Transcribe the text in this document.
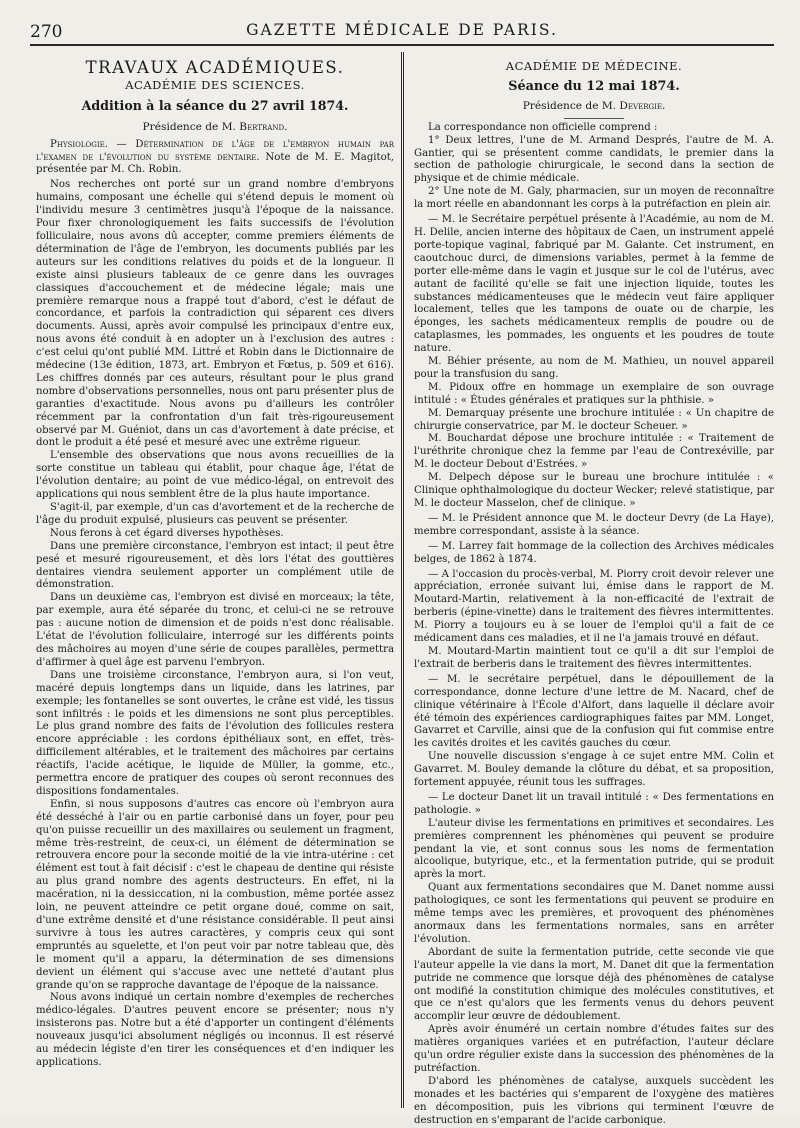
270	GAZETTE MÉDICALE DE PARIS.
TRAVAUX ACADÉMIQUES.
ACADÉMIE DES SCIENCES.
Addition à la séance du 27 avril 1874.
Présidence de M. Bertrand.

Physiologie. — Détermination de l'âge de l'embryon humain par l'examen de l'évolution du système dentaire. Note de M. E. Magitot, présentée par M. Ch. Robin.

Nos recherches ont porté sur un grand nombre d'embryons humains, composant une échelle qui s'étend depuis le moment où l'individu mesure 3 centimètres jusqu'à l'époque de la naissance. Pour fixer chronologiquement les faits successifs de l'évolution folliculaire, nous avons dû accepter, comme premiers éléments de détermination de l'âge de l'embryon, les documents publiés par les auteurs sur les conditions relatives du poids et de la longueur. Il existe ainsi plusieurs tableaux de ce genre dans les ouvrages classiques d'accouchement et de médecine légale; mais une première remarque nous a frappé tout d'abord, c'est le défaut de concordance, et parfois la contradiction qui séparent ces divers documents. Aussi, après avoir compulsé les principaux d'entre eux, nous avons été conduit à en adopter un à l'exclusion des autres : c'est celui qu'ont publié MM. Littré et Robin dans le Dictionnaire de médecine (13e édition, 1873, art. Embryon et Fœtus, p. 509 et 616). Les chiffres donnés par ces auteurs, résultant pour le plus grand nombre d'observations personnelles, nous ont paru présenter plus de garanties d'exactitude. Nous avons pu d'ailleurs les contrôler récemment par la confrontation d'un fait très-rigoureusement observé par M. Guéniot, dans un cas d'avortement à date précise, et dont le produit a été pesé et mesuré avec une extrême rigueur.

L'ensemble des observations que nous avons recueillies de la sorte constitue un tableau qui établit, pour chaque âge, l'état de l'évolution dentaire; au point de vue médico-légal, on entrevoit des applications qui nous semblent être de la plus haute importance.

S'agit-il, par exemple, d'un cas d'avortement et de la recherche de l'âge du produit expulsé, plusieurs cas peuvent se présenter.

Nous ferons à cet égard diverses hypothèses.

Dans une première circonstance, l'embryon est intact; il peut être pesé et mesuré rigoureusement, et dès lors l'état des gouttières dentaires viendra seulement apporter un complément utile de démonstration.

Dans un deuxième cas, l'embryon est divisé en morceaux; la tête, par exemple, aura été séparée du tronc, et celui-ci ne se retrouve pas : aucune notion de dimension et de poids n'est donc réalisable. L'état de l'évolution folliculaire, interrogé sur les différents points des mâchoires au moyen d'une série de coupes parallèles, permettra d'affirmer à quel âge est parvenu l'embryon.

Dans une troisième circonstance, l'embryon aura, si l'on veut, macéré depuis longtemps dans un liquide, dans les latrines, par exemple; les fontanelles se sont ouvertes, le crâne est vidé, les tissus sont infiltrés : le poids et les dimensions ne sont plus perceptibles. Le plus grand nombre des faits de l'évolution des follicules restera encore appréciable : les cordons épithéliaux sont, en effet, très-difficilement altérables, et le traitement des mâchoires par certains réactifs, l'acide acétique, le liquide de Müller, la gomme, etc., permettra encore de pratiquer des coupes où seront reconnues des dispositions fondamentales.

Enfin, si nous supposons d'autres cas encore où l'embryon aura été desséché à l'air ou en partie carbonisé dans un foyer, pour peu qu'on puisse recueillir un des maxillaires ou seulement un fragment, même très-restreint, de ceux-ci, un élément de détermination se retrouvera encore pour la seconde moitié de la vie intra-utérine : cet élément est tout à fait décisif : c'est le chapeau de dentine qui résiste au plus grand nombre des agents destructeurs. En effet, ni la macération, ni la dessiccation, ni la combustion, même portée assez loin, ne peuvent atteindre ce petit organe doué, comme on sait, d'une extrême densité et d'une résistance considérable. Il peut ainsi survivre à tous les autres caractères, y compris ceux qui sont empruntés au squelette, et l'on peut voir par notre tableau que, dès le moment qu'il a apparu, la détermination de ses dimensions devient un élément qui s'accuse avec une netteté d'autant plus grande qu'on se rapproche davantage de l'époque de la naissance.

Nous avons indiqué un certain nombre d'exemples de recherches médico-légales. D'autres peuvent encore se présenter; nous n'y insisterons pas. Notre but a été d'apporter un contingent d'éléments nouveaux jusqu'ici absolument négligés ou inconnus. Il est réservé au médecin légiste d'en tirer les conséquences et d'en indiquer les applications.

ACADÉMIE DE MÉDECINE.
Séance du 12 mai 1874.
Présidence de M. Devergie.

La correspondance non officielle comprend :

1° Deux lettres, l'une de M. Armand Després, l'autre de M. A. Gantier, qui se présentent comme candidats, le premier dans la section de pathologie chirurgicale, le second dans la section de physique et de chimie médicale.

2° Une note de M. Galy, pharmacien, sur un moyen de reconnaître la mort réelle en abandonnant les corps à la putréfaction en plein air.

— M. le Secrétaire perpétuel présente à l'Académie, au nom de M. H. Delile, ancien interne des hôpitaux de Caen, un instrument appelé porte-topique vaginal, fabriqué par M. Galante. Cet instrument, en caoutchouc durci, de dimensions variables, permet à la femme de porter elle-même dans le vagin et jusque sur le col de l'utérus, avec autant de facilité qu'elle se fait une injection liquide, toutes les substances médicamenteuses que le médecin veut faire appliquer localement, telles que les tampons de ouate ou de charpie, les éponges, les sachets médicamenteux remplis de poudre ou de cataplasmes, les pommades, les onguents et les poudres de toute nature.

M. Béhier présente, au nom de M. Mathieu, un nouvel appareil pour la transfusion du sang.

M. Pidoux offre en hommage un exemplaire de son ouvrage intitulé : « Études générales et pratiques sur la phthisie. »

M. Demarquay présente une brochure intitulée : « Un chapitre de chirurgie conservatrice, par M. le docteur Scheuer. »

M. Bouchardat dépose une brochure intitulée : « Traitement de l'uréthrite chronique chez la femme par l'eau de Contrexéville, par M. le docteur Debout d'Estrées. »

M. Delpech dépose sur le bureau une brochure intitulée : « Clinique ophthalmologique du docteur Wecker; relevé statistique, par M. le docteur Masselon, chef de clinique. »

— M. le Président annonce que M. le docteur Devry (de La Haye), membre correspondant, assiste à la séance.

— M. Larrey fait hommage de la collection des Archives médicales belges, de 1862 à 1874.

— A l'occasion du procès-verbal, M. Piorry croit devoir relever une appréciation, erronée suivant lui, émise dans le rapport de M. Moutard-Martin, relativement à la non-efficacité de l'extrait de berberis (épine-vinette) dans le traitement des fièvres intermittentes. M. Piorry a toujours eu à se louer de l'emploi qu'il a fait de ce médicament dans ces maladies, et il ne l'a jamais trouvé en défaut.

M. Moutard-Martin maintient tout ce qu'il a dit sur l'emploi de l'extrait de berberis dans le traitement des fièvres intermittentes.

— M. le secrétaire perpétuel, dans le dépouillement de la correspondance, donne lecture d'une lettre de M. Nacard, chef de clinique vétérinaire à l'École d'Alfort, dans laquelle il déclare avoir été témoin des expériences cardiographiques faites par MM. Longet, Gavarret et Carville, ainsi que de la confusion qui fut commise entre les cavités droites et les cavités gauches du cœur.

Une nouvelle discussion s'engage à ce sujet entre MM. Colin et Gavarret. M. Bouley demande la clôture du débat, et sa proposition, fortement appuyée, réunit tous les suffrages.

— Le docteur Danet lit un travail intitulé : « Des fermentations en pathologie. »

L'auteur divise les fermentations en primitives et secondaires. Les premières comprennent les phénomènes qui peuvent se produire pendant la vie, et sont connus sous les noms de fermentation alcoolique, butyrique, etc., et la fermentation putride, qui se produit après la mort.

Quant aux fermentations secondaires que M. Danet nomme aussi pathologiques, ce sont les fermentations qui peuvent se produire en même temps avec les premières, et provoquent des phénomènes anormaux dans les fermentations normales, sans en arrêter l'évolution.

Abordant de suite la fermentation putride, cette seconde vie que l'auteur appelle la vie dans la mort, M. Danet dit que la fermentation putride ne commence que lorsque déjà des phénomènes de catalyse ont modifié la constitution chimique des molécules constitutives, et que ce n'est qu'alors que les ferments venus du dehors peuvent accomplir leur œuvre de dédoublement.

Après avoir énuméré un certain nombre d'études faites sur des matières organiques variées et en putréfaction, l'auteur déclare qu'un ordre régulier existe dans la succession des phénomènes de la putréfaction.

D'abord les phénomènes de catalyse, auxquels succèdent les monades et les bactéries qui s'emparent de l'oxygène des matières en décomposition, puis les vibrions qui terminent l'œuvre de destruction en s'emparant de l'acide carbonique.
